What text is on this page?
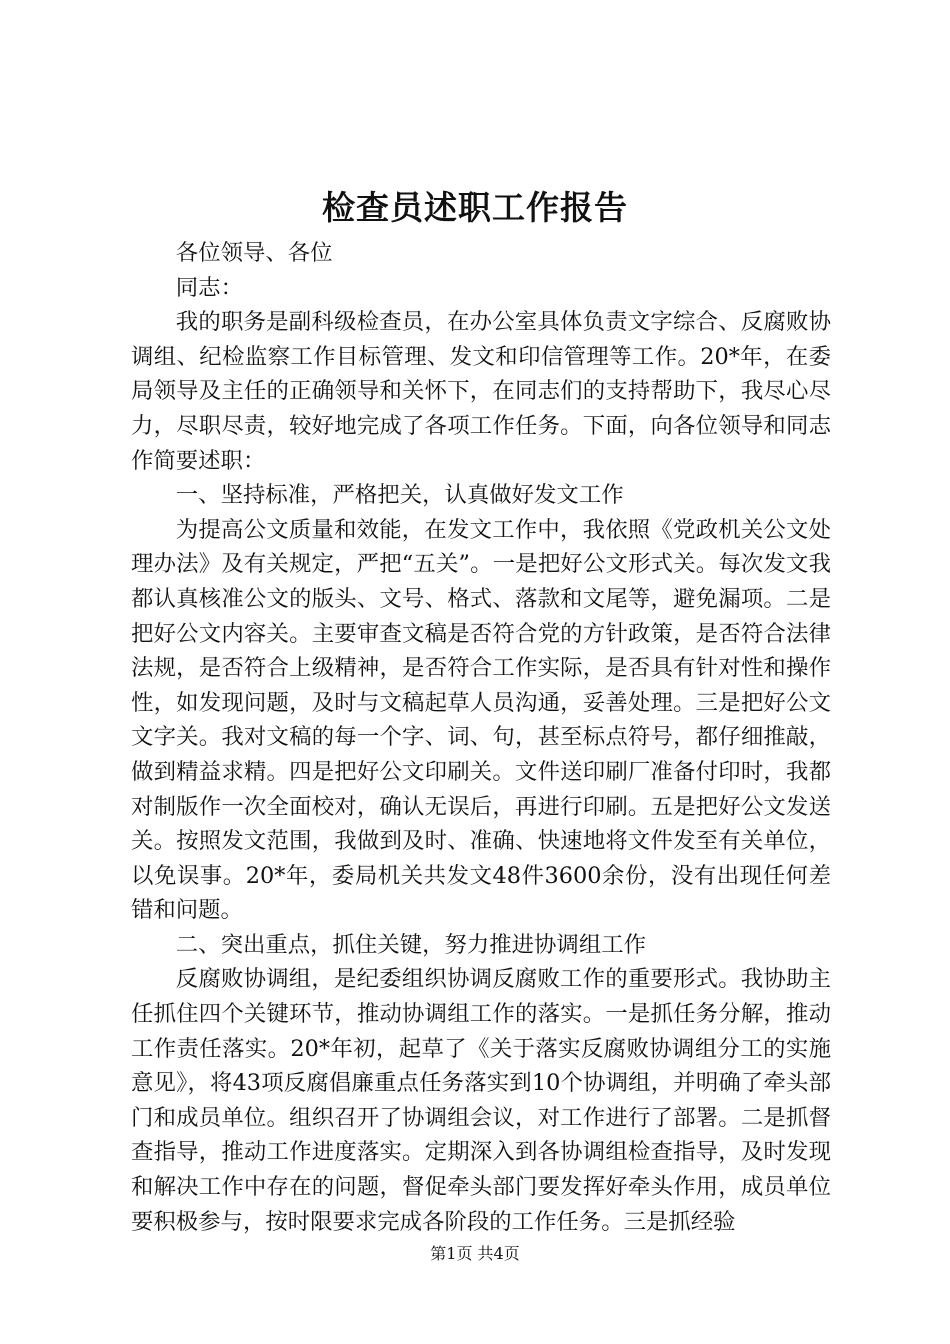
检查员述职工作报告

各位领导、各位

同志：

我的职务是副科级检查员，在办公室具体负责文字综合、反腐败协调组、纪检监察工作目标管理、发文和印信管理等工作。20*年，在委局领导及主任的正确领导和关怀下，在同志们的支持帮助下，我尽心尽力，尽职尽责，较好地完成了各项工作任务。下面，向各位领导和同志作简要述职：

一、坚持标准，严格把关，认真做好发文工作

为提高公文质量和效能，在发文工作中，我依照《党政机关公文处理办法》及有关规定，严把“五关”。一是把好公文形式关。每次发文我都认真核准公文的版头、文号、格式、落款和文尾等，避免漏项。二是把好公文内容关。主要审查文稿是否符合党的方针政策，是否符合法律法规，是否符合上级精神，是否符合工作实际，是否具有针对性和操作性，如发现问题，及时与文稿起草人员沟通，妥善处理。三是把好公文文字关。我对文稿的每一个字、词、句，甚至标点符号，都仔细推敲，做到精益求精。四是把好公文印刷关。文件送印刷厂准备付印时，我都对制版作一次全面校对，确认无误后，再进行印刷。五是把好公文发送关。按照发文范围，我做到及时、准确、快速地将文件发至有关单位，以免误事。20*年，委局机关共发文48件3600余份，没有出现任何差错和问题。

二、突出重点，抓住关键，努力推进协调组工作

反腐败协调组，是纪委组织协调反腐败工作的重要形式。我协助主任抓住四个关键环节，推动协调组工作的落实。一是抓任务分解，推动工作责任落实。20*年初，起草了《关于落实反腐败协调组分工的实施意见》，将43项反腐倡廉重点任务落实到10个协调组，并明确了牵头部门和成员单位。组织召开了协调组会议，对工作进行了部署。二是抓督查指导，推动工作进度落实。定期深入到各协调组检查指导，及时发现和解决工作中存在的问题，督促牵头部门要发挥好牵头作用，成员单位要积极参与，按时限要求完成各阶段的工作任务。三是抓经验

第1页 共4页
